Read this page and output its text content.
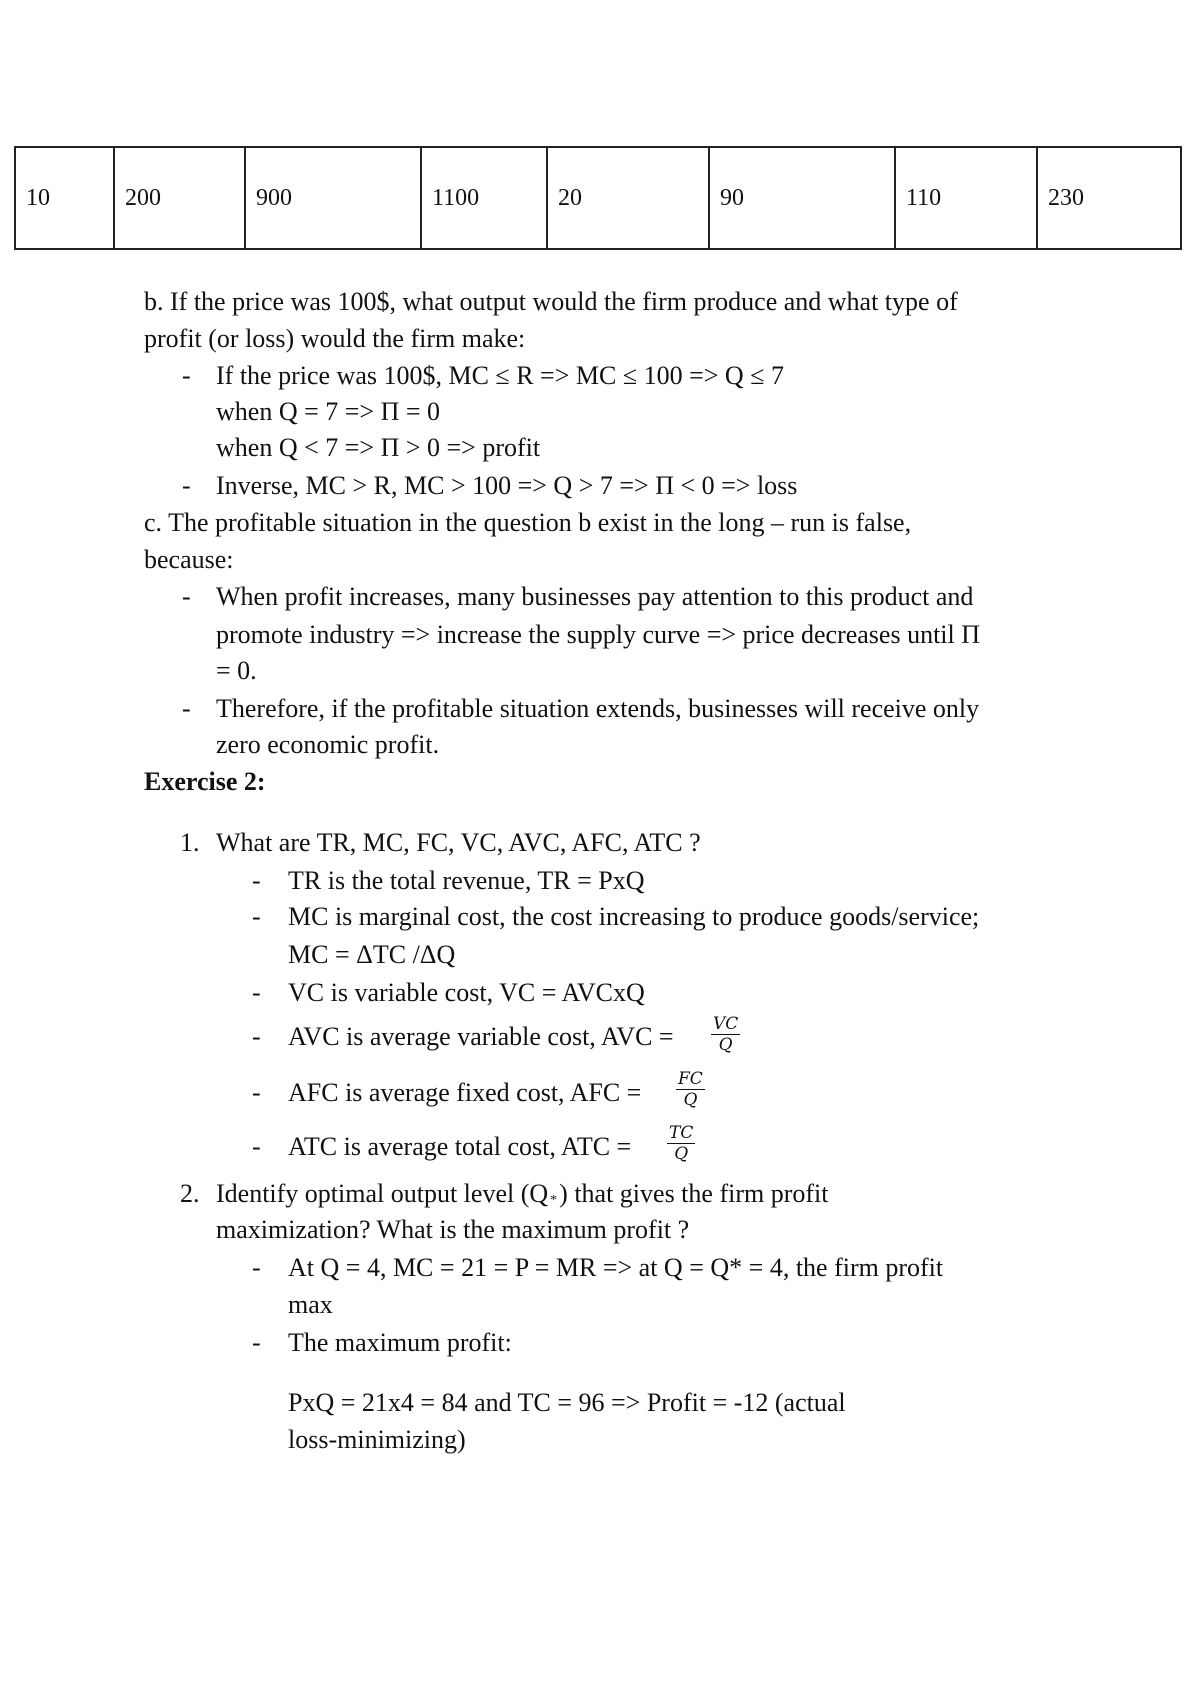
10	200	900	1100	20	90	110	230
b. If the price was 100$, what output would the firm produce and what type of
profit (or loss) would the firm make:
- If the price was 100$, MC ≤ R => MC ≤ 100 => Q ≤ 7
when Q = 7 => Π = 0
when Q < 7 => Π > 0 => profit
- Inverse, MC > R, MC > 100 => Q > 7 => Π < 0 => loss
c. The profitable situation in the question b exist in the long – run is false,
because:
- When profit increases, many businesses pay attention to this product and
promote industry => increase the supply curve => price decreases until Π
= 0.
- Therefore, if the profitable situation extends, businesses will receive only
zero economic profit.
Exercise 2:
1. What are TR, MC, FC, VC, AVC, AFC, ATC ?
- TR is the total revenue, TR = PxQ
- MC is marginal cost, the cost increasing to produce goods/service;
MC = ΔTC /ΔQ
- VC is variable cost, VC = AVCxQ
- AVC is average variable cost, AVC = $\frac{VC}{Q}$
- AFC is average fixed cost, AFC = $\frac{FC}{Q}$
- ATC is average total cost, ATC = $\frac{TC}{Q}$
2. Identify optimal output level (Q *) that gives the firm profit
maximization? What is the maximum profit ?
- At Q = 4, MC = 21 = P = MR => at Q = Q* = 4, the firm profit
max
- The maximum profit:
PxQ = 21x4 = 84 and TC = 96 => Profit = -12 (actual
loss-minimizing)
